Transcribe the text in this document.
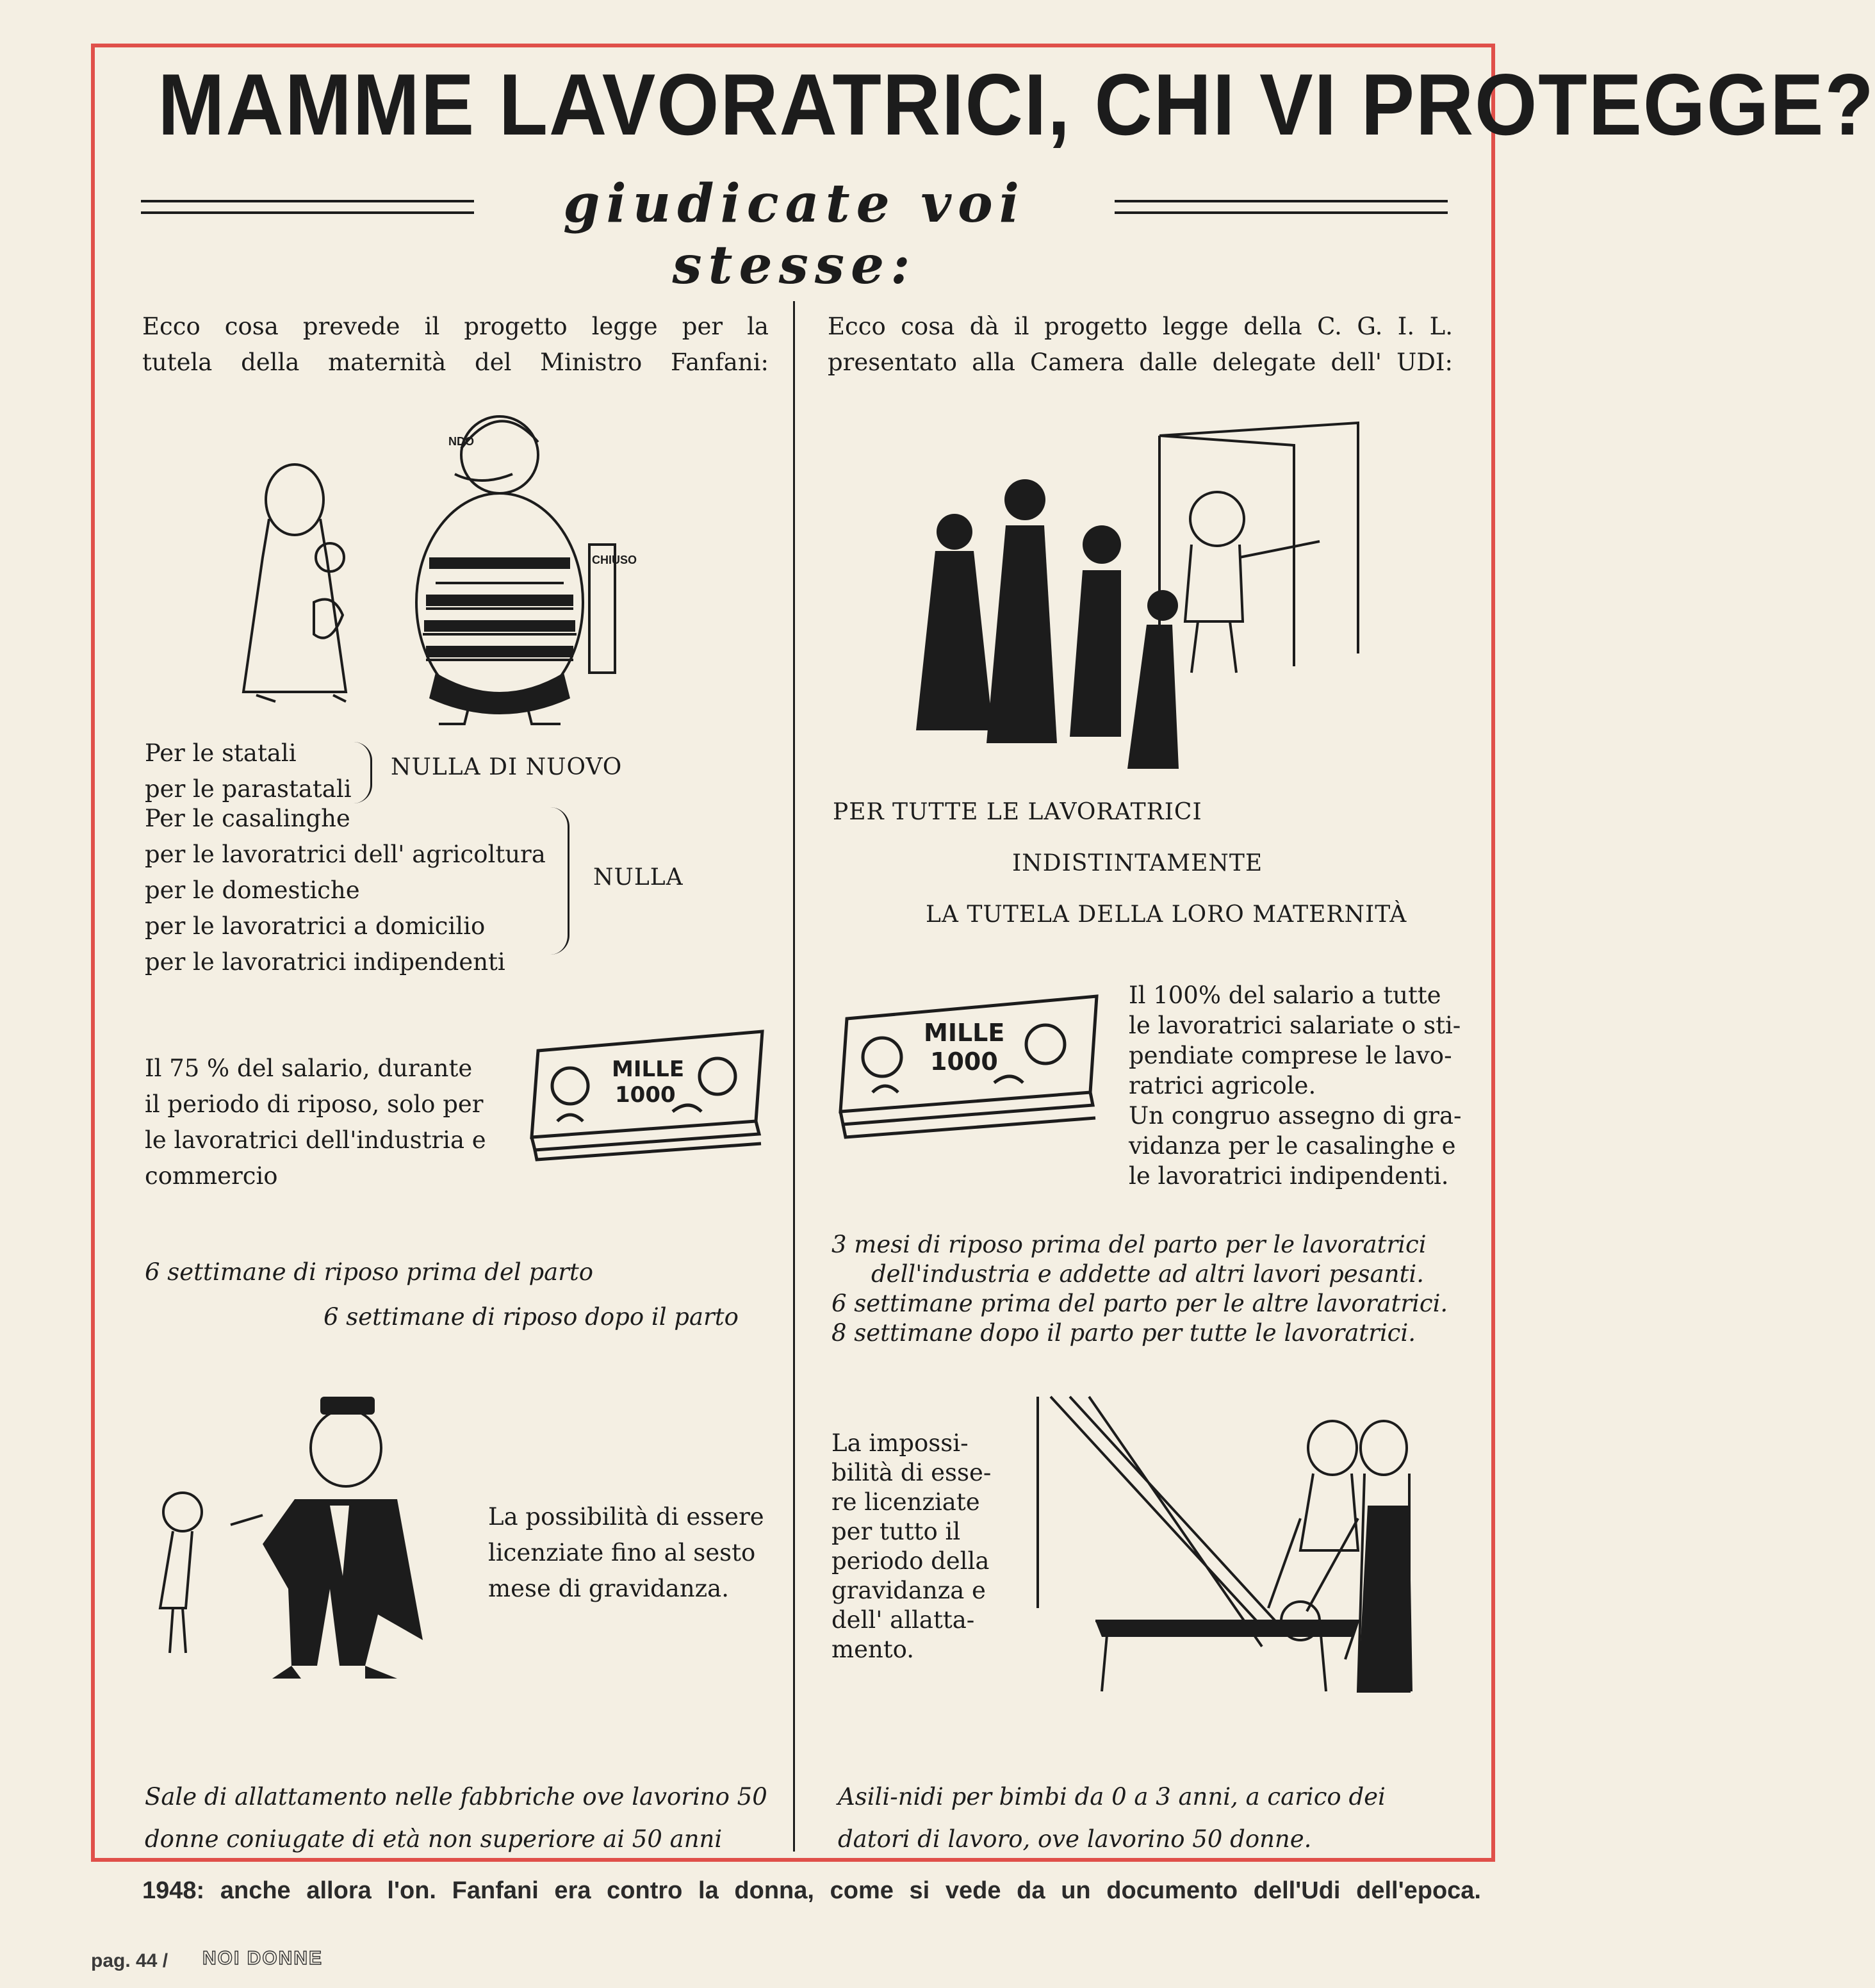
MAMME LAVORATRICI, CHI VI PROTEGGE?
giudicate voi stesse:
Ecco cosa prevede il progetto legge per la
tutela della maternità del Ministro Fanfani:
CHIUSO
NDO
Per le statali
per le parastatali
NULLA DI NUOVO
Per le casalinghe
per le lavoratrici dell' agricoltura
per le domestiche
per le lavoratrici a domicilio
per le lavoratrici indipendenti
NULLA
Il 75 % del salario, durante
il periodo di riposo, solo per
le lavoratrici dell'industria e
commercio
MILLE
1000
6 settimane di riposo prima del parto
6 settimane di riposo dopo il parto
La possibilità di essere
licenziate fino al sesto
mese di gravidanza.
Sale di allattamento nelle fabbriche ove lavorino 50
donne coniugate di età non superiore ai 50 anni
Ecco cosa dà il progetto legge della C. G. I. L.
presentato alla Camera dalle delegate dell' UDI:
PER TUTTE LE LAVORATRICI
INDISTINTAMENTE
LA TUTELA DELLA LORO MATERNITÀ
MILLE
1000
Il 100% del salario a tutte
le lavoratrici salariate o sti-
pendiate comprese le lavo-
ratrici agricole.
Un congruo assegno di gra-
vidanza per le casalinghe e
le lavoratrici indipendenti.
3 mesi di riposo prima del parto per le lavoratrici
dell'industria e addette ad altri lavori pesanti.
6 settimane prima del parto per le altre lavoratrici.
8 settimane dopo il parto per tutte le lavoratrici.
La impossi-
bilità di esse-
re licenziate
per tutto il
periodo della
gravidanza e
dell' allatta-
mento.
Asili-nidi per bimbi da 0 a 3 anni, a carico dei
datori di lavoro, ove lavorino 50 donne.
1948: anche allora l'on. Fanfani era contro la donna, come si vede da un documento dell'Udi dell'epoca.
pag. 44 / NOI DONNE
